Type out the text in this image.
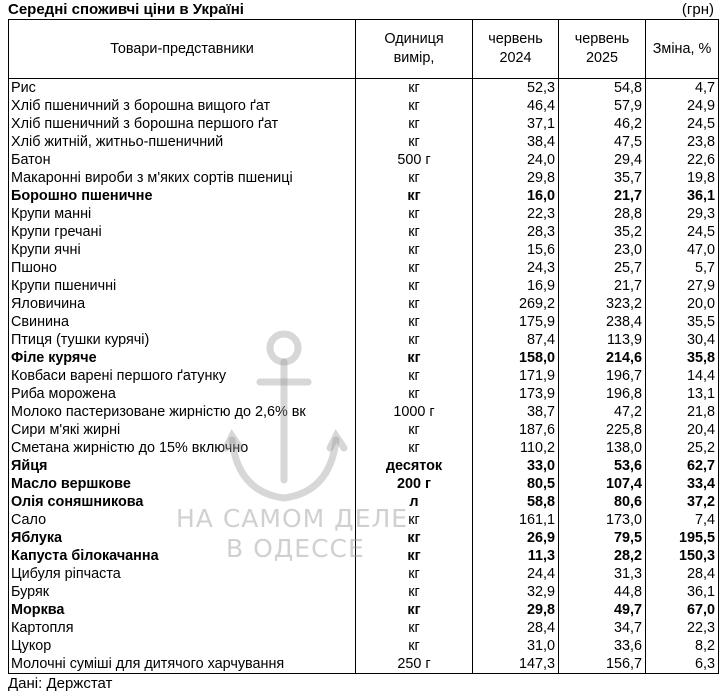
Середні споживчі ціни в Україні	(грн)
Товари-представники	Одиниця вимір,	червень 2024	червень 2025	Зміна, %
Рис	кг	52,3	54,8	4,7
Хліб пшеничний з борошна вищого ґат	кг	46,4	57,9	24,9
Хліб пшеничний з борошна першого ґат	кг	37,1	46,2	24,5
Хліб житній, житньо-пшеничний	кг	38,4	47,5	23,8
Батон	500 г	24,0	29,4	22,6
Макаронні вироби з м'яких сортів пшениці	кг	29,8	35,7	19,8
Борошно пшеничне	кг	16,0	21,7	36,1
Крупи манні	кг	22,3	28,8	29,3
Крупи гречані	кг	28,3	35,2	24,5
Крупи ячні	кг	15,6	23,0	47,0
Пшоно	кг	24,3	25,7	5,7
Крупи пшеничні	кг	16,9	21,7	27,9
Яловичина	кг	269,2	323,2	20,0
Свинина	кг	175,9	238,4	35,5
Птиця (тушки курячі)	кг	87,4	113,9	30,4
Філе куряче	кг	158,0	214,6	35,8
Ковбаси варені першого ґатунку	кг	171,9	196,7	14,4
Риба морожена	кг	173,9	196,8	13,1
Молоко пастеризоване жирністю до 2,6% вк	1000 г	38,7	47,2	21,8
Сири м'які жирні	кг	187,6	225,8	20,4
Сметана жирністю до 15% включно	кг	110,2	138,0	25,2
Яйця	десяток	33,0	53,6	62,7
Масло вершкове	200 г	80,5	107,4	33,4
Олія соняшникова	л	58,8	80,6	37,2
Сало	кг	161,1	173,0	7,4
Яблука	кг	26,9	79,5	195,5
Капуста білокачанна	кг	11,3	28,2	150,3
Цибуля ріпчаста	кг	24,4	31,3	28,4
Буряк	кг	32,9	44,8	36,1
Морква	кг	29,8	49,7	67,0
Картопля	кг	28,4	34,7	22,3
Цукор	кг	31,0	33,6	8,2
Молочні суміші для дитячого харчування	250 г	147,3	156,7	6,3
Дані: Держстат
НА САМОМ ДЕЛЕ
В ОДЕССЕ
